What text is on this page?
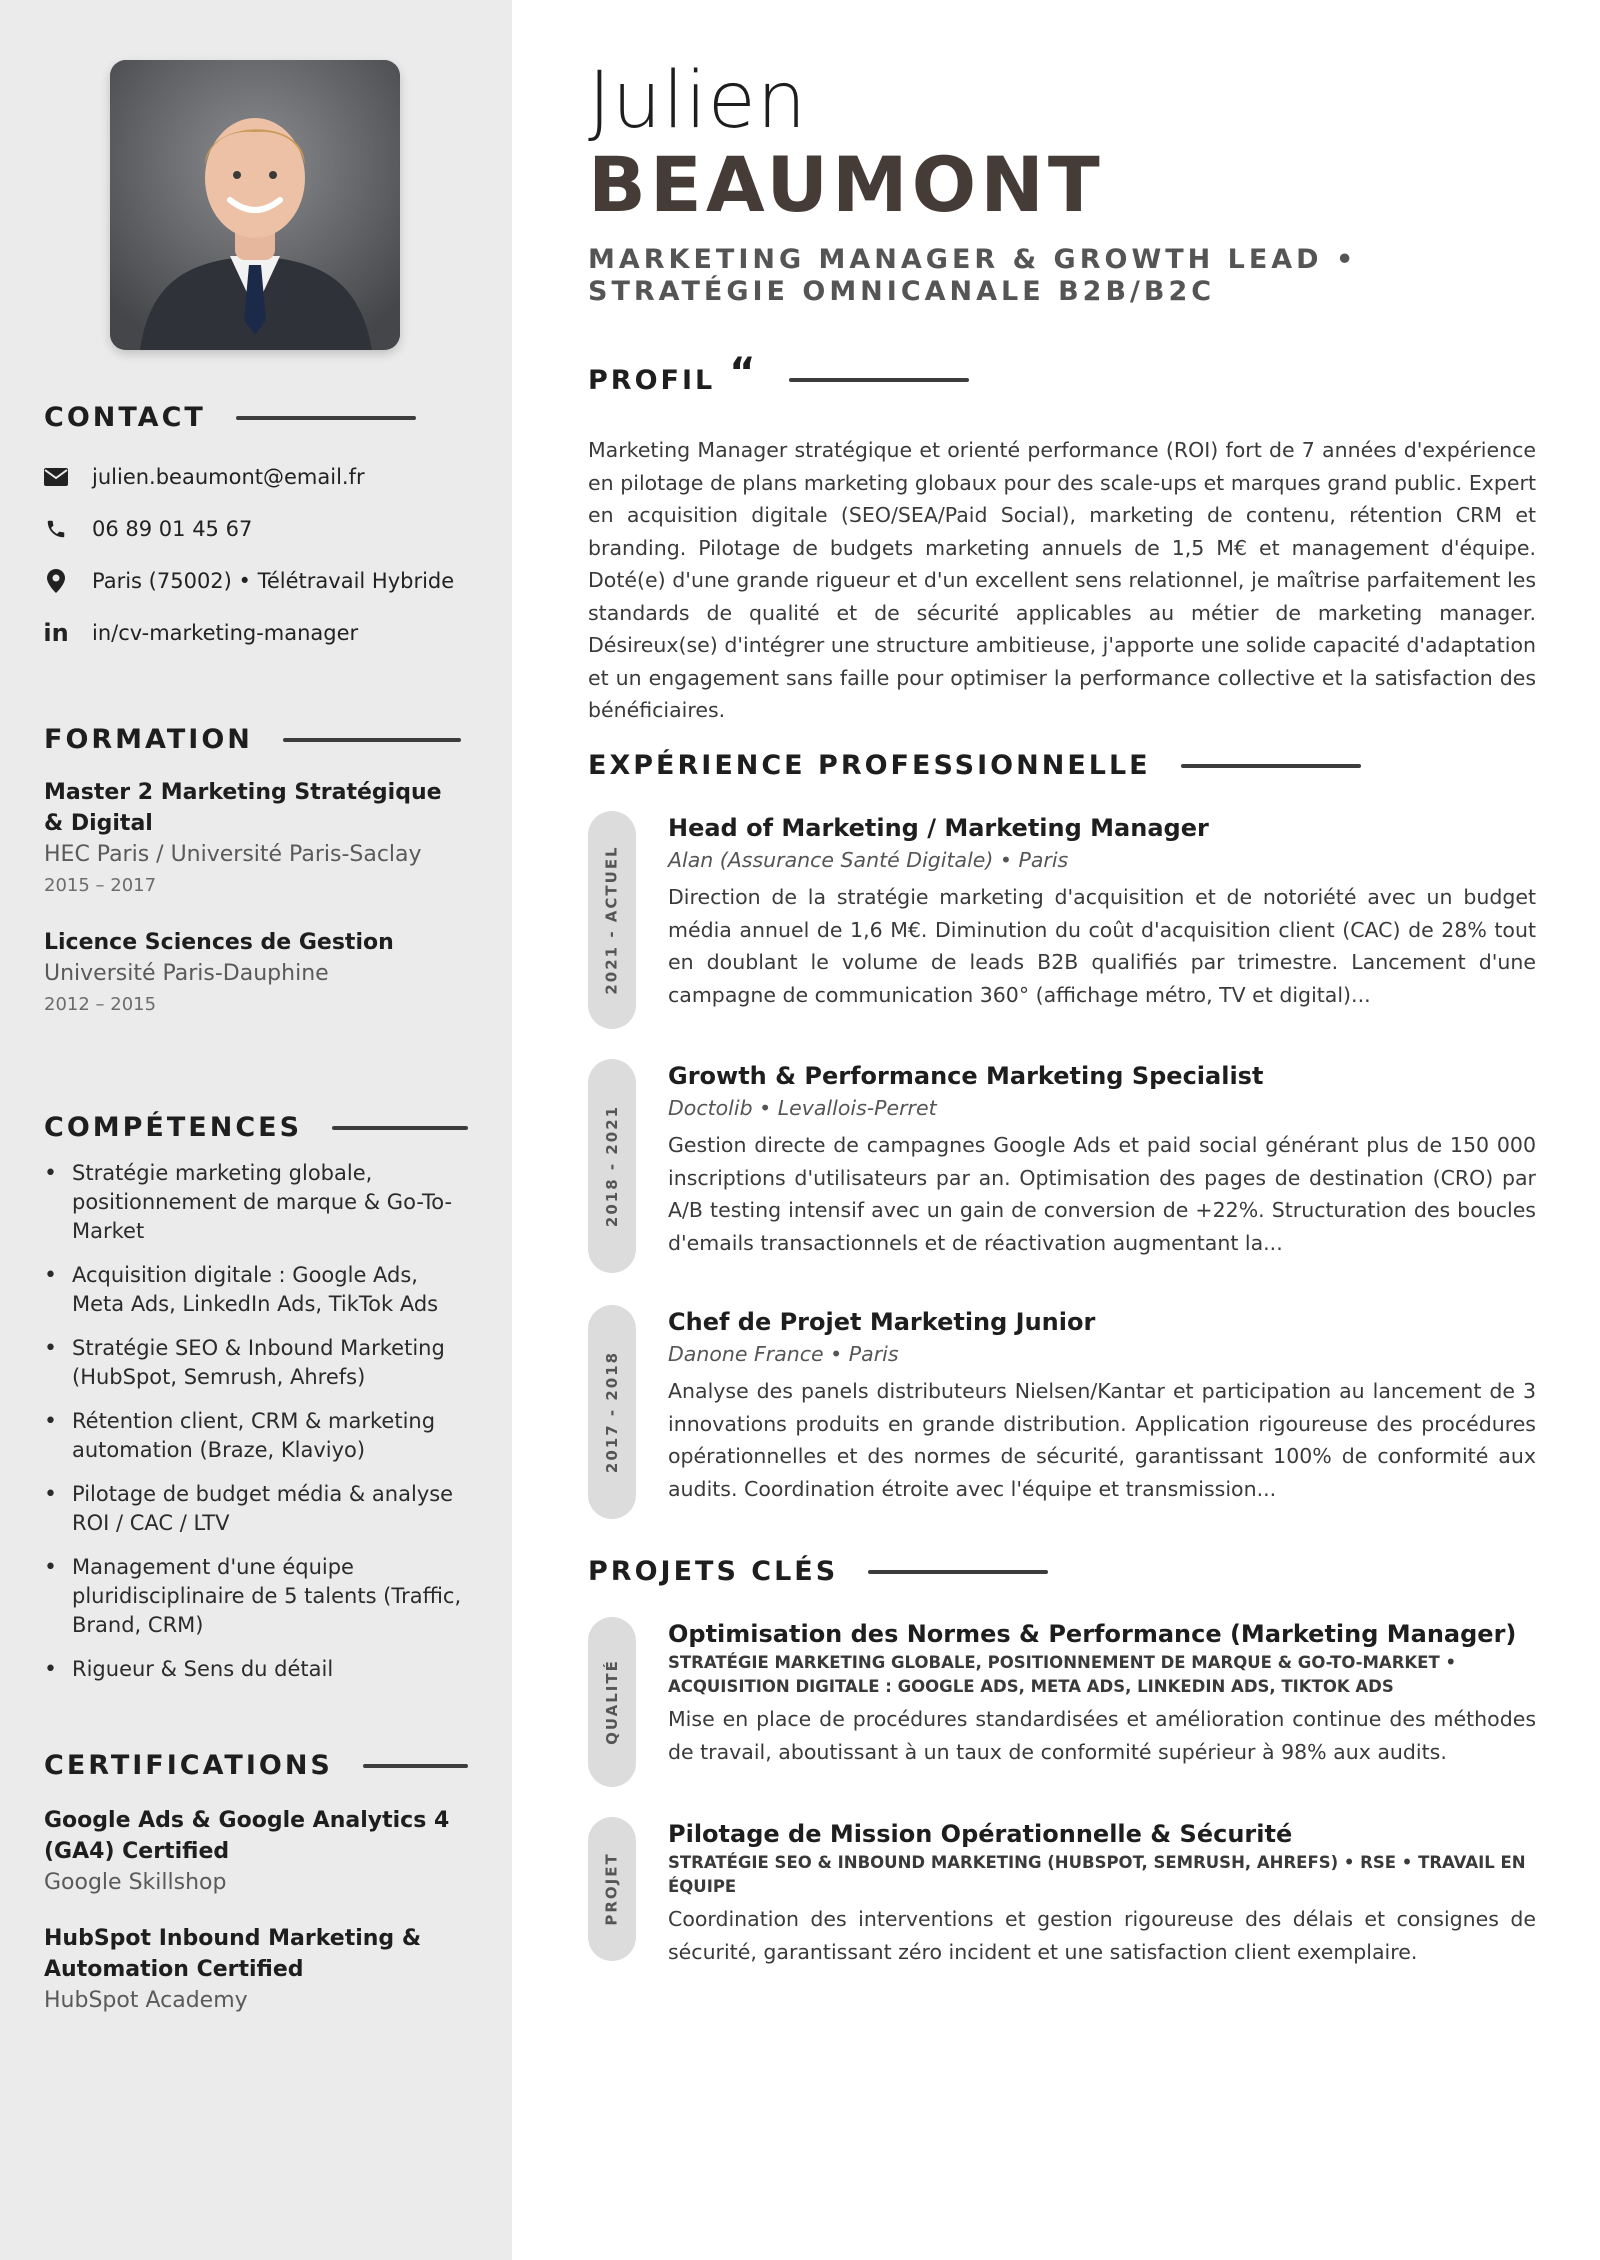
CONTACT
julien.beaumont@email.fr
06 89 01 45 67
Paris (75002) • Télétravail Hybride
in in/cv-marketing-manager
FORMATION
Master 2 Marketing Stratégique & Digital
HEC Paris / Université Paris-Saclay
2015 – 2017
Licence Sciences de Gestion
Université Paris-Dauphine
2012 – 2015
COMPÉTENCES
• Stratégie marketing globale, positionnement de marque & Go-To-Market
• Acquisition digitale : Google Ads, Meta Ads, LinkedIn Ads, TikTok Ads
• Stratégie SEO & Inbound Marketing (HubSpot, Semrush, Ahrefs)
• Rétention client, CRM & marketing automation (Braze, Klaviyo)
• Pilotage de budget média & analyse ROI / CAC / LTV
• Management d'une équipe pluridisciplinaire de 5 talents (Traffic, Brand, CRM)
• Rigueur & Sens du détail
CERTIFICATIONS
Google Ads & Google Analytics 4 (GA4) Certified
Google Skillshop
HubSpot Inbound Marketing & Automation Certified
HubSpot Academy
Julien
BEAUMONT
MARKETING MANAGER & GROWTH LEAD • STRATÉGIE OMNICANALE B2B/B2C
PROFIL “
Marketing Manager stratégique et orienté performance (ROI) fort de 7 années d'expérience en pilotage de plans marketing globaux pour des scale-ups et marques grand public. Expert en acquisition digitale (SEO/SEA/Paid Social), marketing de contenu, rétention CRM et branding. Pilotage de budgets marketing annuels de 1,5 M€ et management d'équipe. Doté(e) d'une grande rigueur et d'un excellent sens relationnel, je maîtrise parfaitement les standards de qualité et de sécurité applicables au métier de marketing manager. Désireux(se) d'intégrer une structure ambitieuse, j'apporte une solide capacité d'adaptation et un engagement sans faille pour optimiser la performance collective et la satisfaction des bénéficiaires.
EXPÉRIENCE PROFESSIONNELLE
2021 - ACTUEL
Head of Marketing / Marketing Manager
Alan (Assurance Santé Digitale) • Paris
Direction de la stratégie marketing d'acquisition et de notoriété avec un budget média annuel de 1,6 M€. Diminution du coût d'acquisition client (CAC) de 28% tout en doublant le volume de leads B2B qualifiés par trimestre. Lancement d'une campagne de communication 360° (affichage métro, TV et digital)...
2018 - 2021
Growth & Performance Marketing Specialist
Doctolib • Levallois-Perret
Gestion directe de campagnes Google Ads et paid social générant plus de 150 000 inscriptions d'utilisateurs par an. Optimisation des pages de destination (CRO) par A/B testing intensif avec un gain de conversion de +22%. Structuration des boucles d'emails transactionnels et de réactivation augmentant la...
2017 - 2018
Chef de Projet Marketing Junior
Danone France • Paris
Analyse des panels distributeurs Nielsen/Kantar et participation au lancement de 3 innovations produits en grande distribution. Application rigoureuse des procédures opérationnelles et des normes de sécurité, garantissant 100% de conformité aux audits. Coordination étroite avec l'équipe et transmission...
PROJETS CLÉS
QUALITÉ
Optimisation des Normes & Performance (Marketing Manager)
STRATÉGIE MARKETING GLOBALE, POSITIONNEMENT DE MARQUE & GO-TO-MARKET • ACQUISITION DIGITALE : GOOGLE ADS, META ADS, LINKEDIN ADS, TIKTOK ADS
Mise en place de procédures standardisées et amélioration continue des méthodes de travail, aboutissant à un taux de conformité supérieur à 98% aux audits.
PROJET
Pilotage de Mission Opérationnelle & Sécurité
STRATÉGIE SEO & INBOUND MARKETING (HUBSPOT, SEMRUSH, AHREFS) • RSE • TRAVAIL EN ÉQUIPE
Coordination des interventions et gestion rigoureuse des délais et consignes de sécurité, garantissant zéro incident et une satisfaction client exemplaire.
